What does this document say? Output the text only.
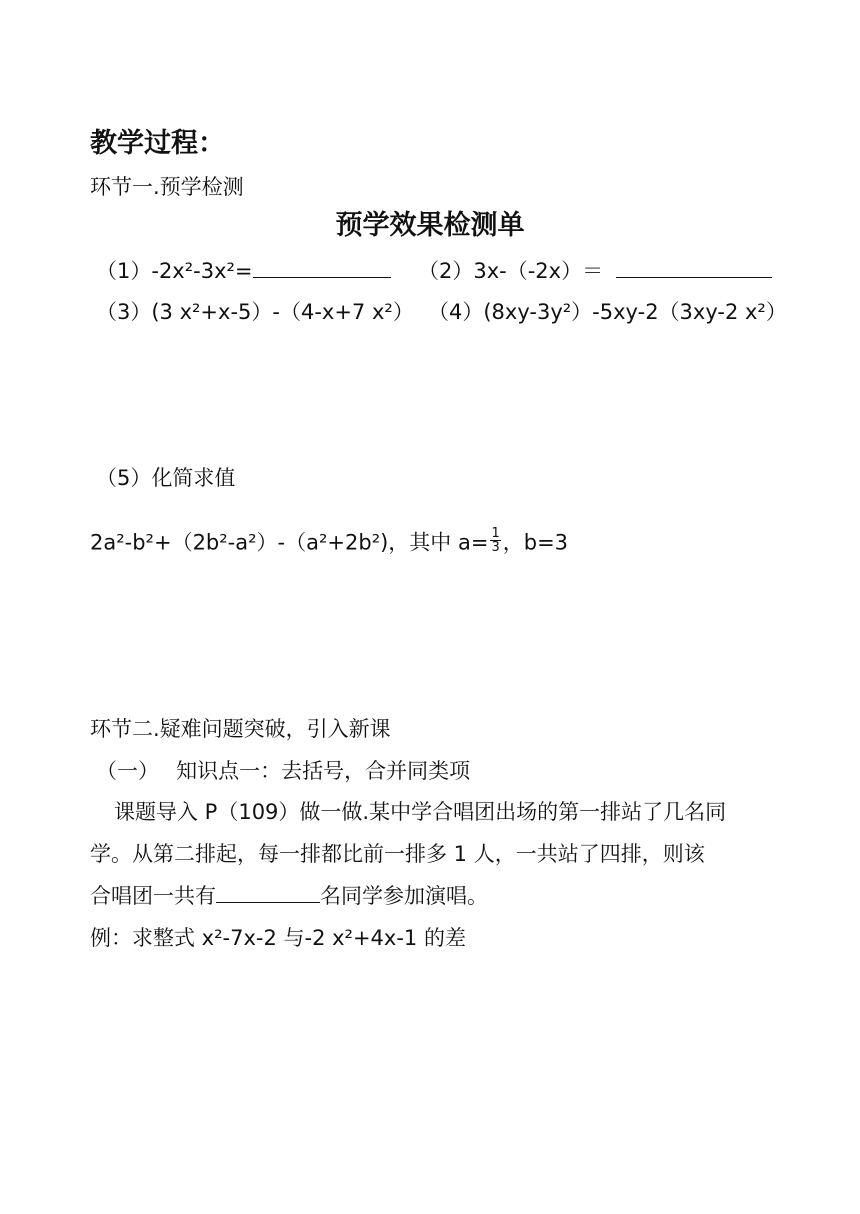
教学过程：
环节一.预学检测
预学效果检测单
（1）-2x²-3x²=	（2）3x-（-2x）＝
（3）(3 x²+x-5）-（4-x+7 x²） （4）(8xy-3y²）-5xy-2（3xy-2 x²）
（5）化简求值
2a²-b²+（2b²-a²）-（a²+2b²)，其中 $a= \frac{1}{3}$ ，b=3
环节二.疑难问题突破，引入新课
（一）　 知识点一：去括号，合并同类项
课题导入 P（109）做一做.某中学合唱团出场的第一排站了几名同
学。从第二排起，每一排都比前一排多 1 人，一共站了四排，则该
合唱团一共有	名同学参加演唱。
例：求整式 x²-7x-2 与-2 x²+4x-1 的差
